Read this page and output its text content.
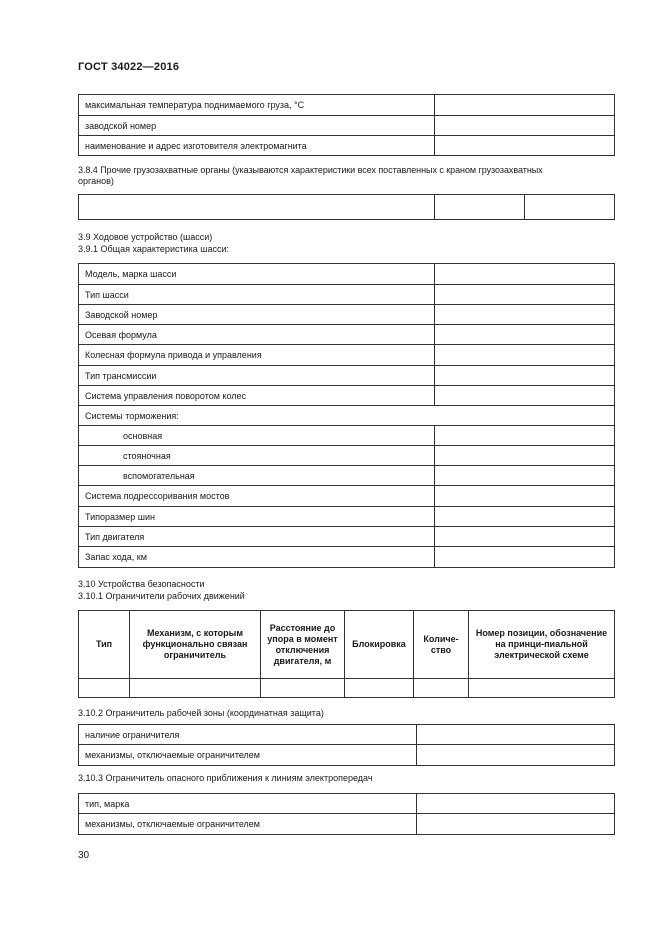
ГОСТ 34022—2016
максимальная температура поднимаемого груза, °C	
заводской номер	
наименование и адрес изготовителя электромагнита	
3.8.4 Прочие грузозахватные органы (указываются характеристики всех поставленных с краном грузозахватных
органов)

3.9 Ходовое устройство (шасси)
3.9.1 Общая характеристика шасси:
Модель, марка шасси	
Тип шасси	
Заводской номер	
Осевая формула	
Колесная формула привода и управления	
Тип трансмиссии	
Система управления поворотом колес	
Системы торможения:	
основная	
стояночная	
вспомогательная	
Система подрессоривания мостов	
Типоразмер шин	
Тип двигателя	
Запас хода, км	
3.10 Устройства безопасности
3.10.1 Ограничители рабочих движений
Тип	Механизм, с которым функционально связан ограничитель	Расстояние до упора в момент отключения двигателя, м	Блокировка	Количе-ство	Номер позиции, обозначение на принци-пиальной электрической схеме

3.10.2 Ограничитель рабочей зоны (координатная защита)
наличие ограничителя	
механизмы, отключаемые ограничителем	
3.10.3 Ограничитель опасного приближения к линиям электропередач
тип, марка	
механизмы, отключаемые ограничителем	
30
